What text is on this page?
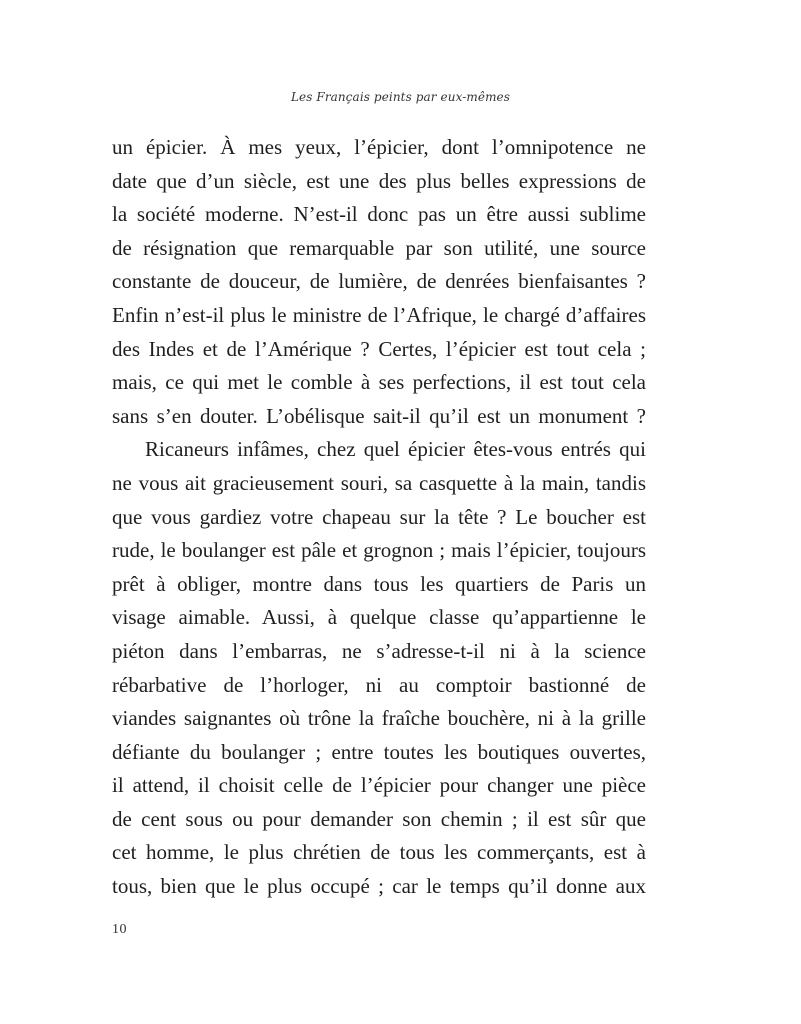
Les Français peints par eux-mêmes
un épicier. À mes yeux, l’épicier, dont l’omnipotence ne
date que d’un siècle, est une des plus belles expressions de
la société moderne. N’est-il donc pas un être aussi sublime
de résignation que remarquable par son utilité, une source
constante de douceur, de lumière, de denrées bienfaisantes ?
Enfin n’est-il plus le ministre de l’Afrique, le chargé d’affaires
des Indes et de l’Amérique ? Certes, l’épicier est tout cela ;
mais, ce qui met le comble à ses perfections, il est tout cela
sans s’en douter. L’obélisque sait-il qu’il est un monument ?
Ricaneurs infâmes, chez quel épicier êtes-vous entrés qui
ne vous ait gracieusement souri, sa casquette à la main, tandis
que vous gardiez votre chapeau sur la tête ? Le boucher est
rude, le boulanger est pâle et grognon ; mais l’épicier, toujours
prêt à obliger, montre dans tous les quartiers de Paris un
visage aimable. Aussi, à quelque classe qu’appartienne le
piéton dans l’embarras, ne s’adresse-t-il ni à la science
rébarbative de l’horloger, ni au comptoir bastionné de
viandes saignantes où trône la fraîche bouchère, ni à la grille
défiante du boulanger ; entre toutes les boutiques ouvertes,
il attend, il choisit celle de l’épicier pour changer une pièce
de cent sous ou pour demander son chemin ; il est sûr que
cet homme, le plus chrétien de tous les commerçants, est à
tous, bien que le plus occupé ; car le temps qu’il donne aux
10
